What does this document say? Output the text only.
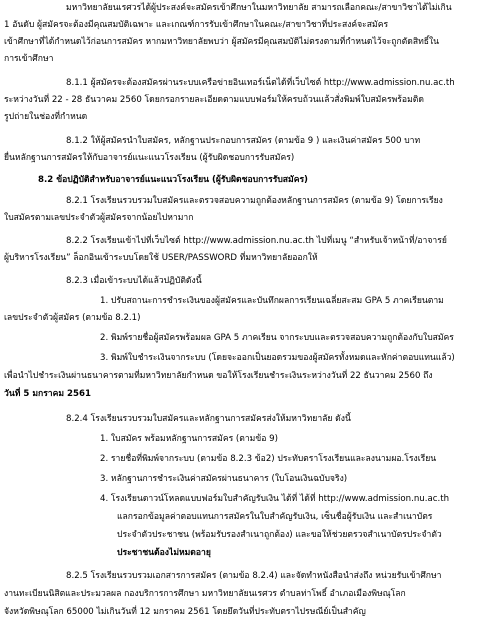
มหาวิทยาลัยนเรศวรได้ผู้ประสงค์จะสมัครเข้าศึกษาในมหาวิทยาลัย สามารถเลือกคณะ/สาขาวิชาได้ไม่เกิน
1 อันดับ ผู้สมัครจะต้องมีคุณสมบัติเฉพาะ และเกณฑ์การรับเข้าศึกษาในคณะ/สาขาวิชาที่ประสงค์จะสมัคร
เข้าศึกษาที่ได้กำหนดไว้ก่อนการสมัคร หากมหาวิทยาลัยพบว่า ผู้สมัครมีคุณสมบัติไม่ตรงตามที่กำหนดไว้จะถูกตัดสิทธิ์ใน
การเข้าศึกษา
8.1.1 ผู้สมัครจะต้องสมัครผ่านระบบเครือข่ายอินเทอร์เน็ตได้ที่เว็บไซต์ http://www.admission.nu.ac.th
ระหว่างวันที่ 22 - 28 ธันวาคม 2560 โดยกรอกรายละเอียดตามแบบฟอร์มให้ครบถ้วนแล้วสั่งพิมพ์ใบสมัครพร้อมติด
รูปถ่ายในช่องที่กำหนด
8.1.2 ให้ผู้สมัครนำใบสมัคร, หลักฐานประกอบการสมัคร (ตามข้อ 9 ) และเงินค่าสมัคร 500 บาท
ยื่นหลักฐานการสมัครให้กับอาจารย์แนะแนวโรงเรียน (ผู้รับผิดชอบการรับสมัคร)
8.2 ข้อปฏิบัติสำหรับอาจารย์แนะแนวโรงเรียน (ผู้รับผิดชอบการรับสมัคร)
8.2.1 โรงเรียนรวบรวมใบสมัครและตรวจสอบความถูกต้องหลักฐานการสมัคร (ตามข้อ 9) โดยการเรียง
ใบสมัครตามเลขประจำตัวผู้สมัครจากน้อยไปหามาก
8.2.2 โรงเรียนเข้าไปที่เว็บไซต์ http://www.admission.nu.ac.th ไปที่เมนู “สำหรับเจ้าหน้าที่/อาจารย์
ผู้บริหารโรงเรียน” ล็อกอินเข้าระบบโดยใช้ USER/PASSWORD ที่มหาวิทยาลัยออกให้
8.2.3 เมื่อเข้าระบบได้แล้วปฏิบัติดังนี้
1. ปรับสถานะการชำระเงินของผู้สมัครและบันทึกผลการเรียนเฉลี่ยสะสม GPA 5 ภาคเรียนตาม
เลขประจำตัวผู้สมัคร (ตามข้อ 8.2.1)
2. พิมพ์รายชื่อผู้สมัครพร้อมผล GPA 5 ภาคเรียน จากระบบและตรวจสอบความถูกต้องกับใบสมัคร
3. พิมพ์ใบชำระเงินจากระบบ (โดยจะออกเป็นยอดรวมของผู้สมัครทั้งหมดและหักค่าตอบแทนแล้ว)
เพื่อนำไปชำระเงินผ่านธนาคารตามที่มหาวิทยาลัยกำหนด ขอให้โรงเรียนชำระเงินระหว่างวันที่ 22 ธันวาคม 2560 ถึง
วันที่ 5 มกราคม 2561
8.2.4 โรงเรียนรวบรวมใบสมัครและหลักฐานการสมัครส่งให้มหาวิทยาลัย ดังนี้
1. ใบสมัคร พร้อมหลักฐานการสมัคร (ตามข้อ 9)
2. รายชื่อที่พิมพ์จากระบบ (ตามข้อ 8.2.3 ข้อ2) ประทับตราโรงเรียนและลงนามผอ.โรงเรียน
3. หลักฐานการชำระเงินค่าสมัครผ่านธนาคาร (ใบโอนเงินฉบับจริง)
4. โรงเรียนดาวน์โหลดแบบฟอร์มใบสำคัญรับเงิน ได้ที่ ได้ที่ http://www.admission.nu.ac.th
แลกรอกข้อมูลค่าตอบแทนการสมัครในใบสำคัญรับเงิน, เซ็นชื่อผู้รับเงิน และสำเนาบัตร
ประจำตัวประชาชน (พร้อมรับรองสำเนาถูกต้อง) และขอให้ช่วยตรวจสำเนาบัตรประจำตัว
ประชาชนต้องไม่หมดอายุ
8.2.5 โรงเรียนรวบรวมเอกสารการสมัคร (ตามข้อ 8.2.4) และจัดทำหนังสือนำส่งถึง หน่วยรับเข้าศึกษา
งานทะเบียนนิสิตและประมวลผล กองบริการการศึกษา มหาวิทยาลัยนเรศวร ตำบลท่าโพธิ์ อำเภอเมืองพิษณุโลก
จังหวัดพิษณุโลก 65000 ไม่เกินวันที่ 12 มกราคม 2561 โดยยึดวันที่ประทับตราไปรษณีย์เป็นสำคัญ
